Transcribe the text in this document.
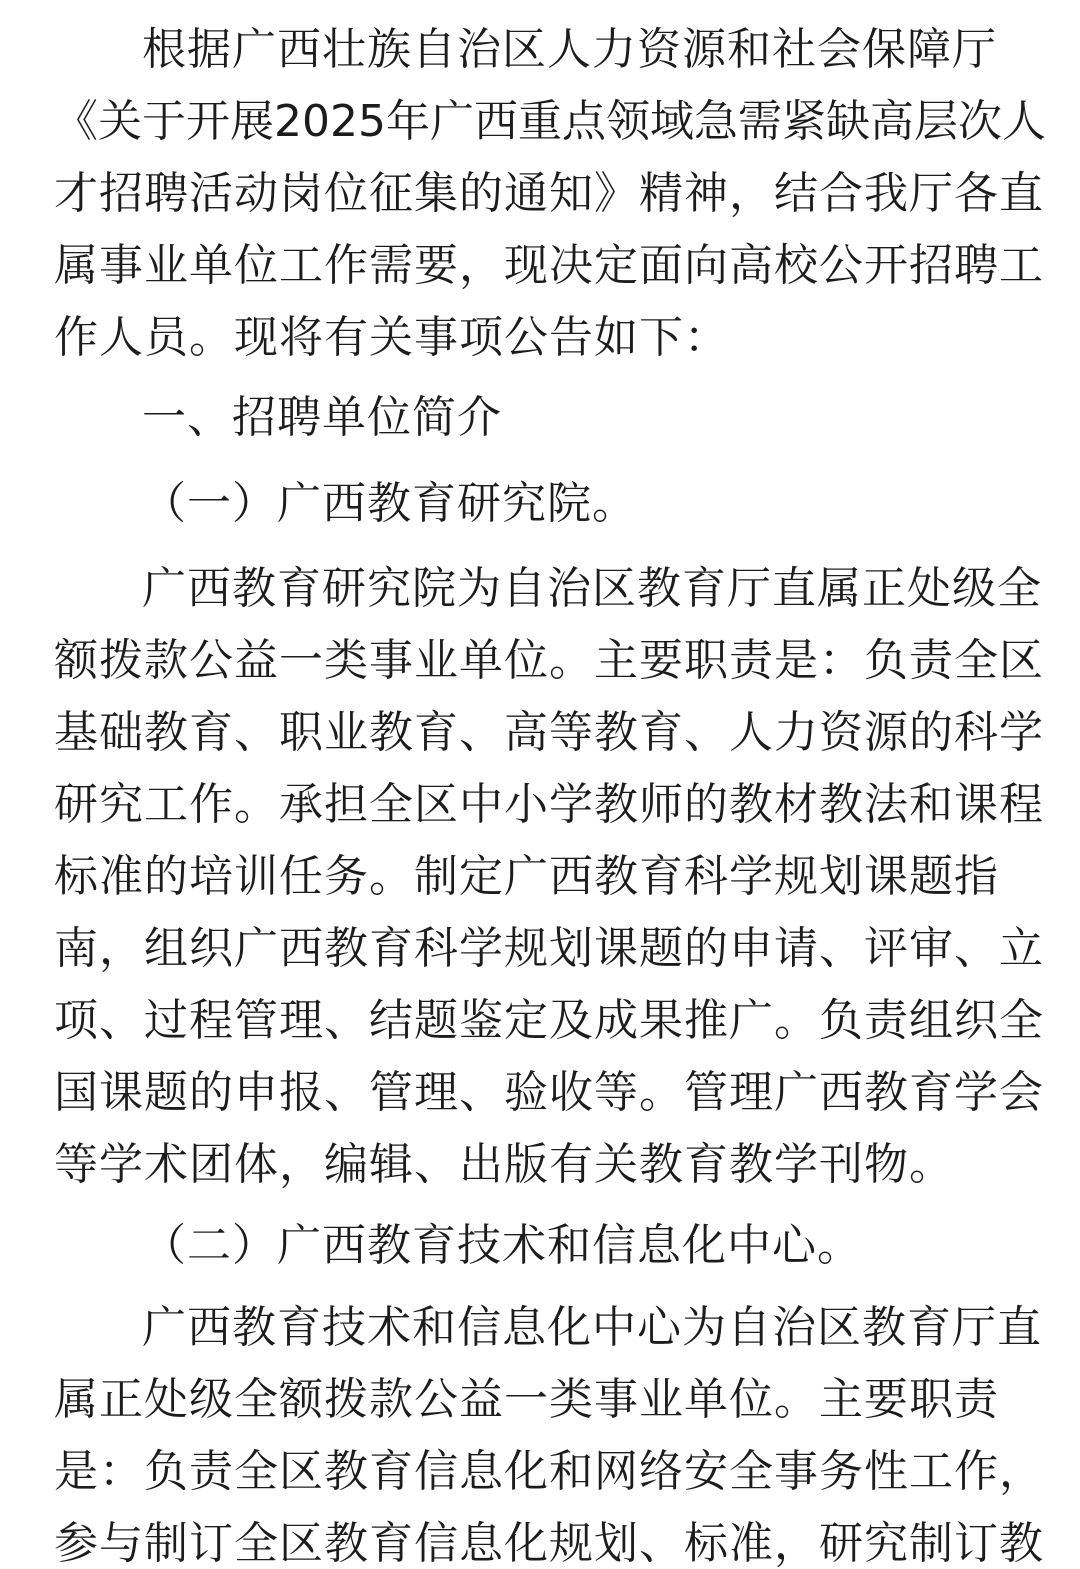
根据广西壮族自治区人力资源和社会保障厅
《关于开展2025年广西重点领域急需紧缺高层次人
才招聘活动岗位征集的通知》精神，结合我厅各直
属事业单位工作需要，现决定面向高校公开招聘工
作人员。现将有关事项公告如下：
一、招聘单位简介
（一）广西教育研究院。
广西教育研究院为自治区教育厅直属正处级全
额拨款公益一类事业单位。主要职责是：负责全区
基础教育、职业教育、高等教育、人力资源的科学
研究工作。承担全区中小学教师的教材教法和课程
标准的培训任务。制定广西教育科学规划课题指
南，组织广西教育科学规划课题的申请、评审、立
项、过程管理、结题鉴定及成果推广。负责组织全
国课题的申报、管理、验收等。管理广西教育学会
等学术团体，编辑、出版有关教育教学刊物。
（二）广西教育技术和信息化中心。
广西教育技术和信息化中心为自治区教育厅直
属正处级全额拨款公益一类事业单位。主要职责
是：负责全区教育信息化和网络安全事务性工作，
参与制订全区教育信息化规划、标准，研究制订教
